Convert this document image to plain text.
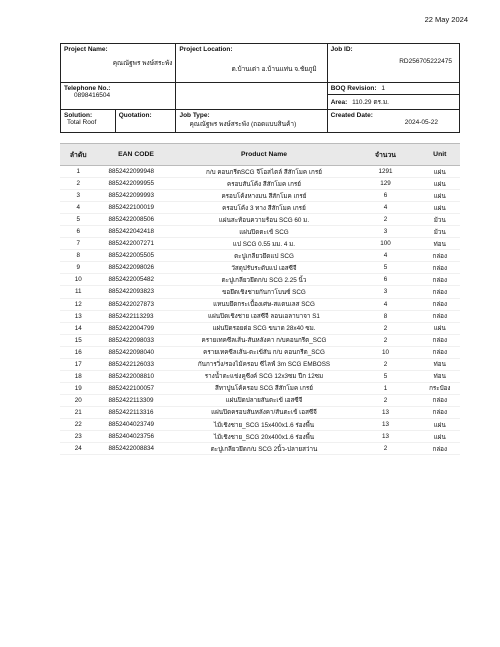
22 May 2024
Project Name:
คุณณัฐพร พงษ์สระพัง
Project Location:
ต.บ้านเต่า อ.บ้านแท่น จ.ชัยภูมิ
Job ID:
RD256705222475
Telephone No.:
0898416504
BOQ Revision: 1
Area: 110.29 ตร.ม.
Solution:
Total Roof
Quotation:	Job Type:
คุณณัฐพร พงษ์สระพัง (ถอดแบบสินค้า)
Created Date:
2024-05-22
ลำดับ	EAN CODE	Product Name	จำนวน	Unit
1	8852422099948	ก/บ คอนกรีตSCG จีโอสไตล์ สีสักโมค เกรย์	1291	แผ่น
2	8852422099955	ครอบสันโค้ง สีสักโมค เกรย์	129	แผ่น
3	8852422099993	ครอบโค้งหางมน สีสักโมค เกรย์	6	แผ่น
4	8852422100019	ครอบโค้ง 3 ทาง สีสักโมค เกรย์	4	แผ่น
5	8852422008506	แผ่นสะท้อนความร้อน SCG 60 ม.	2	ม้วน
6	8852422042418	แผ่นปิดตะเข้ SCG	3	ม้วน
7	8852422007271	แป SCG 0.55 มม. 4 ม.	100	ท่อน
8	8852422005505	ตะปูเกลียวยึดแป SCG	4	กล่อง
9	8852422098026	วัสดุปรับระดับแป เอสซีจี	5	กล่อง
10	8852422005482	ตะปูเกลียวยึดก/บ SCG 2.25 นิ้ว	6	กล่อง
11	8852422093823	ขอยึดเชิงชายกันกาโบนซ์ SCG	3	กล่อง
12	8852422027873	แหนบยึดกระเบื้องเศษ-สแตนเลส SCG	4	กล่อง
13	8852422113293	แผ่นปิดเชิงชาย เอสซีจี ลอนเอลาบาจา S1	8	กล่อง
14	8852422004799	แผ่นปิดรอยต่อ SCG ขนาด 28x40 ซม.	2	แผ่น
15	8852422098033	ครายเทคซีลเส้น-สันหลังคา ก/บคอนกรีต_SCG	2	กล่อง
16	8852422098040	ครายเทคซีลเส้น-ตะเข้สัน ก/บ คอนกรีต_SCG	10	กล่อง
17	8852422126033	กันการวิ่ง/รองไม้ครอบ ซีไลฟ์ 3m SCG EMBOSS	2	ท่อน
18	8852422008810	รางน้ำตะแข่งคูซีงค์ SCG 12x3ซม ปีก 12ซม	5	ท่อน
19	8852422100057	สีทาปูนโค้ครอบ SCG สีสักโมค เกรย์	1	กระป๋อง
20	8852422113309	แผ่นปิดปลายสันตะเข้ เอสซีจี	2	กล่อง
21	8852422113316	แผ่นปิดครอบสันหลังคา/สันตะเข้ เอสซีจี	13	กล่อง
22	8852404023749	ไม้เชิงชาย_SCG 15x400x1.6 ร่องพื้น	13	แผ่น
23	8852404023756	ไม้เชิงชาย_SCG 20x400x1.6 ร่องพื้น	13	แผ่น
24	8852422008834	ตะปูเกลียวยึดก/บ SCG 2นิ้ว-ปลายสว่าน	2	กล่อง
